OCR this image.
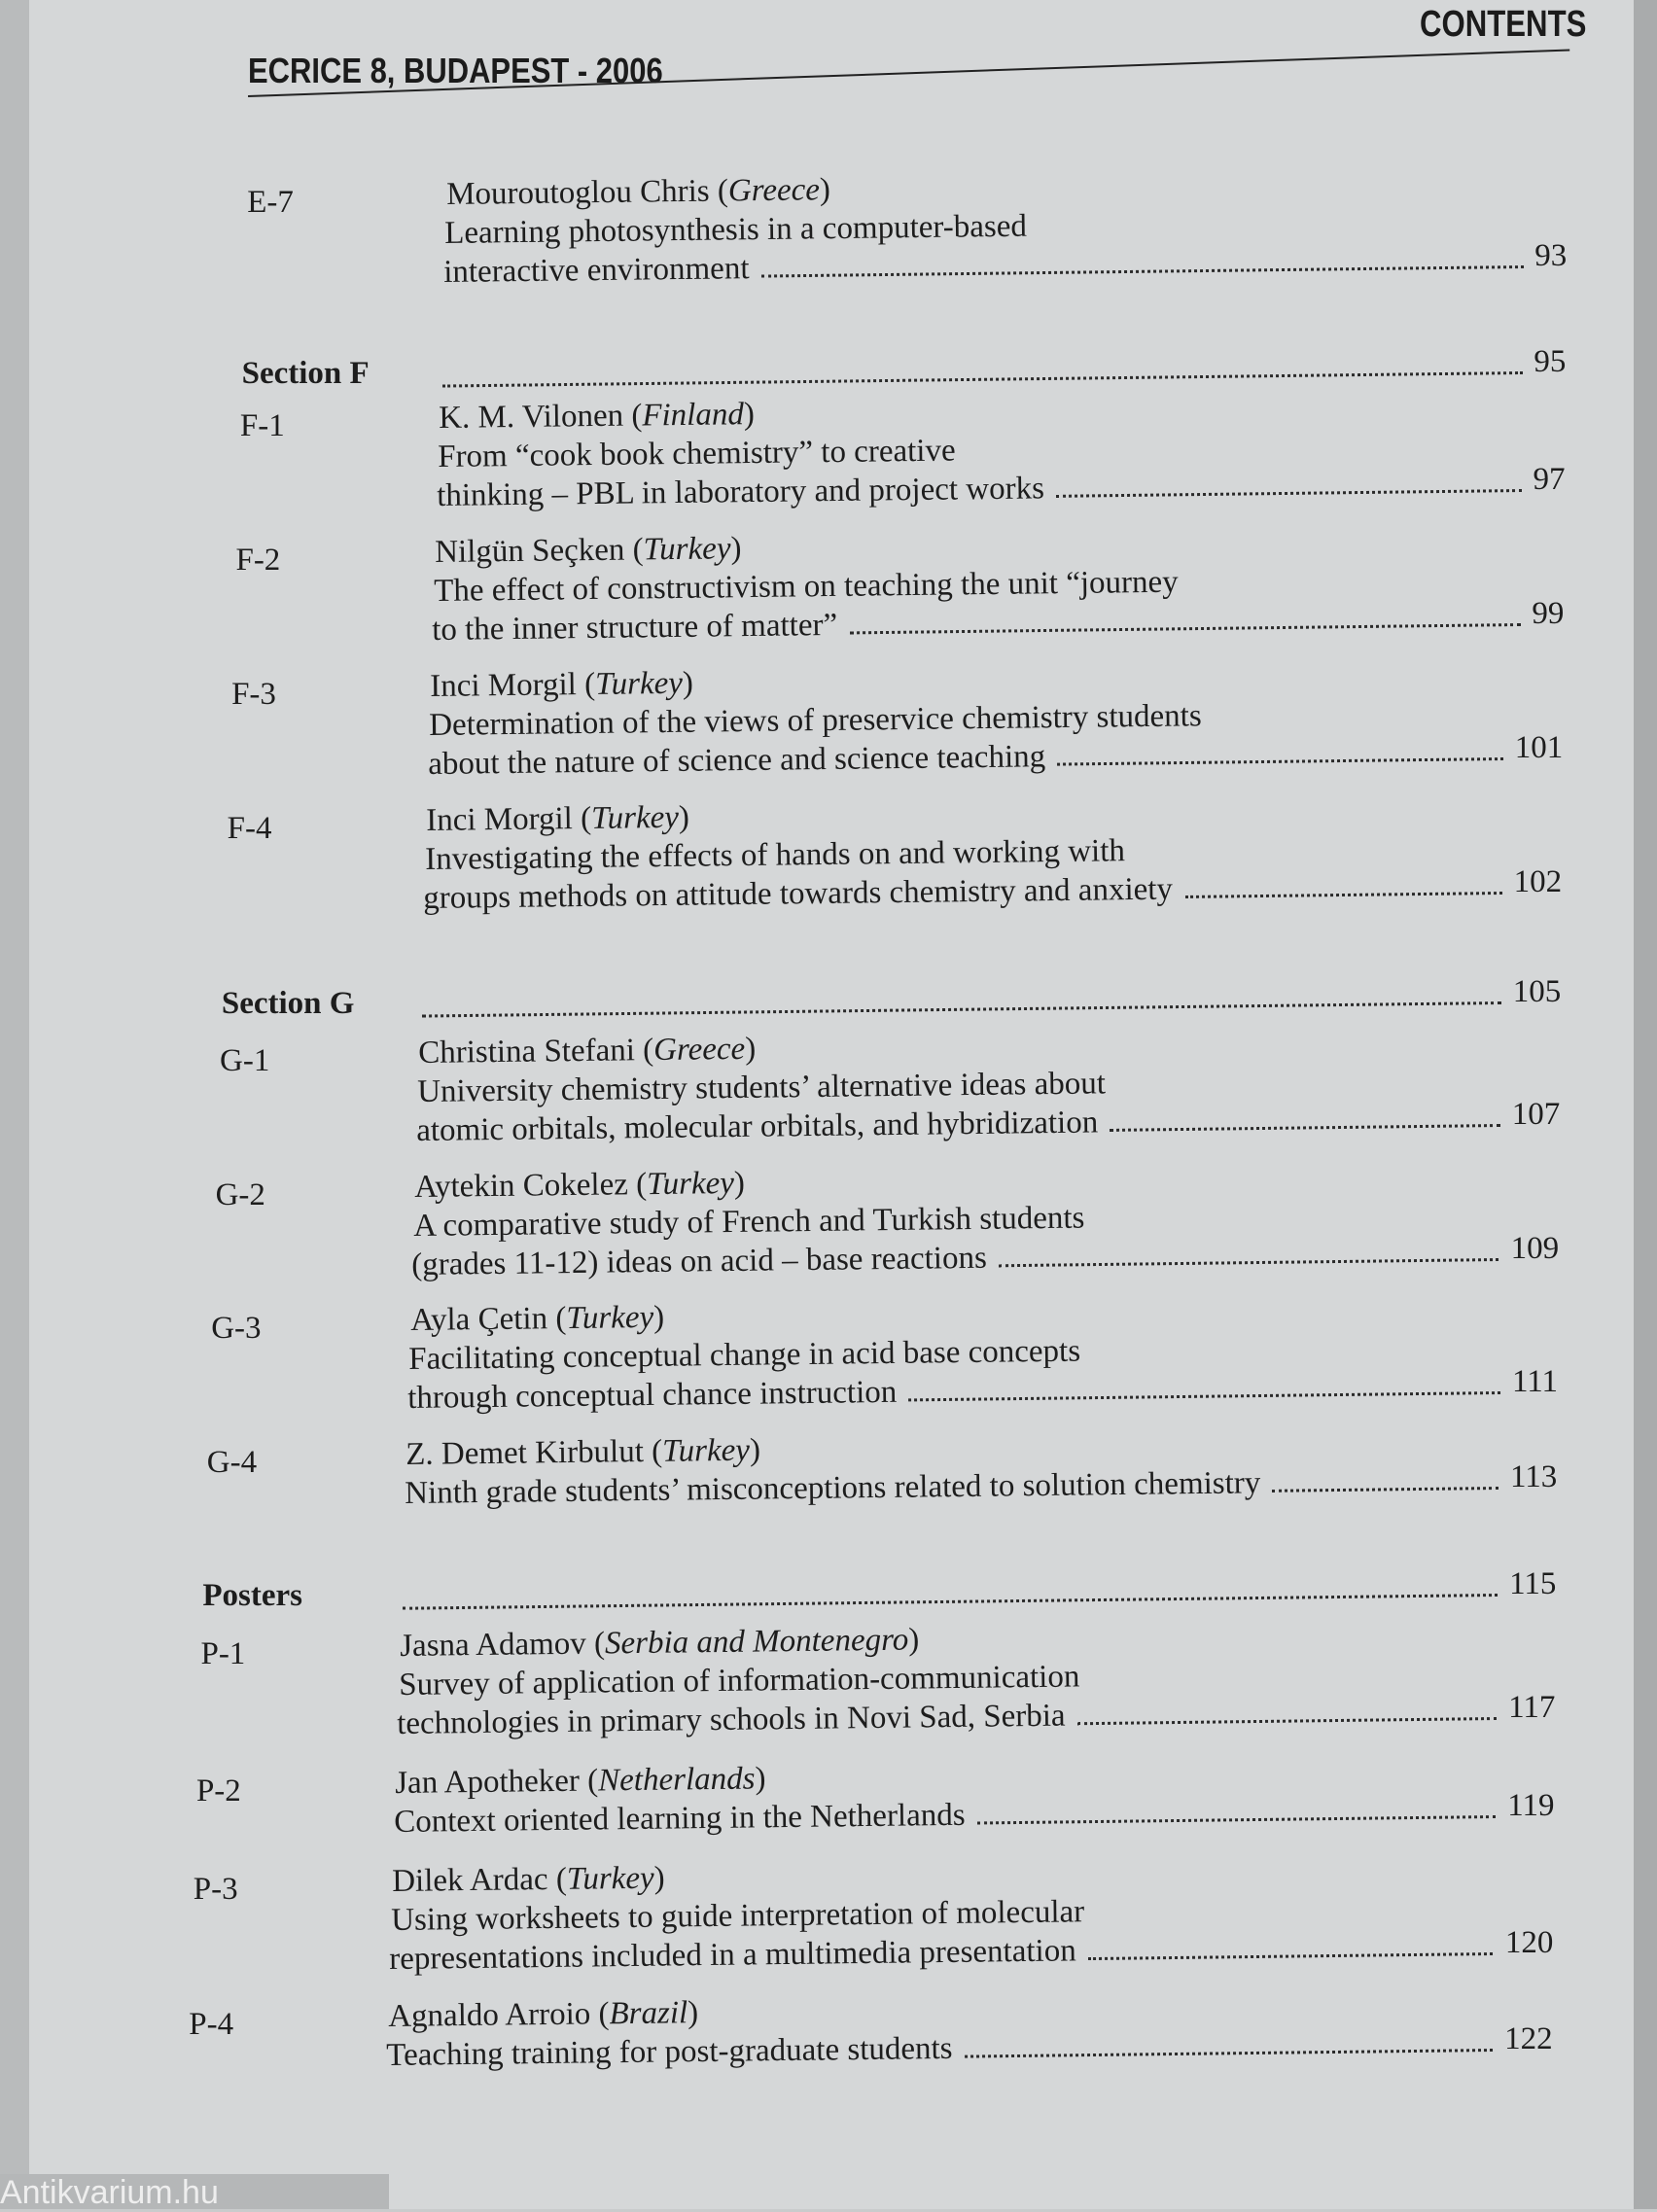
ECRICE 8, BUDAPEST - 2006
CONTENTS
E-7	Mouroutoglou Chris (Greece)
Learning photosynthesis in a computer-based
interactive environment	93
Section F	95
F-1	K. M. Vilonen (Finland)
From “cook book chemistry” to creative
thinking – PBL in laboratory and project works	97
F-2	Nilgün Seçken (Turkey)
The effect of constructivism on teaching the unit “journey
to the inner structure of matter”	99
F-3	Inci Morgil (Turkey)
Determination of the views of preservice chemistry students
about the nature of science and science teaching	101
F-4	Inci Morgil (Turkey)
Investigating the effects of hands on and working with
groups methods on attitude towards chemistry and anxiety	102
Section G	105
G-1	Christina Stefani (Greece)
University chemistry students’ alternative ideas about
atomic orbitals, molecular orbitals, and hybridization	107
G-2	Aytekin Cokelez (Turkey)
A comparative study of French and Turkish students
(grades 11-12) ideas on acid – base reactions	109
G-3	Ayla Çetin (Turkey)
Facilitating conceptual change in acid base concepts
through conceptual chance instruction	111
G-4	Z. Demet Kirbulut (Turkey)
Ninth grade students’ misconceptions related to solution chemistry	113
Posters	115
P-1	Jasna Adamov (Serbia and Montenegro)
Survey of application of information-communication
technologies in primary schools in Novi Sad, Serbia	117
P-2	Jan Apotheker (Netherlands)
Context oriented learning in the Netherlands	119
P-3	Dilek Ardac (Turkey)
Using worksheets to guide interpretation of molecular
representations included in a multimedia presentation	120
P-4	Agnaldo Arroio (Brazil)
Teaching training for post-graduate students	122
Antikvarium.hu
